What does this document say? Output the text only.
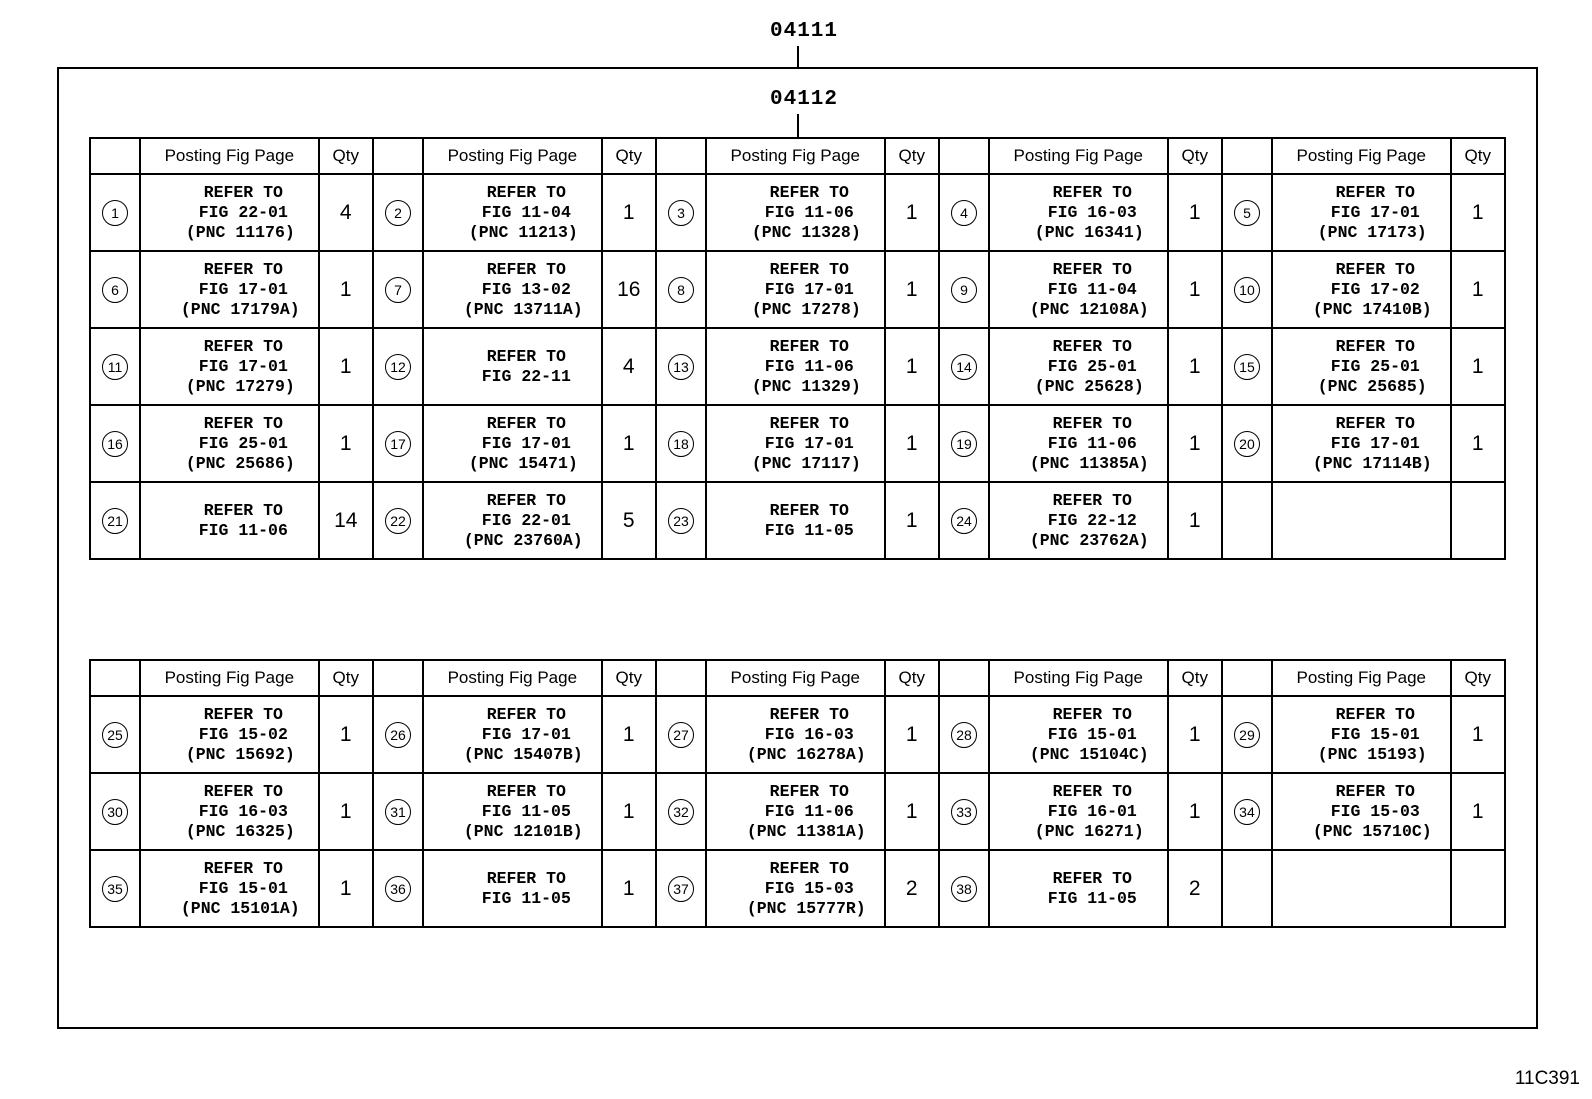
04111
04112
	Posting Fig Page	Qty		Posting Fig Page	Qty		Posting Fig Page	Qty		Posting Fig Page	Qty		Posting Fig Page	Qty
1	REFER TO
FIG 22-01
(PNC 11176)	4	2	REFER TO
FIG 11-04
(PNC 11213)	1	3	REFER TO
FIG 11-06
(PNC 11328)	1	4	REFER TO
FIG 16-03
(PNC 16341)	1	5	REFER TO
FIG 17-01
(PNC 17173)	1
6	REFER TO
FIG 17-01
(PNC 17179A)	1	7	REFER TO
FIG 13-02
(PNC 13711A)	16	8	REFER TO
FIG 17-01
(PNC 17278)	1	9	REFER TO
FIG 11-04
(PNC 12108A)	1	10	REFER TO
FIG 17-02
(PNC 17410B)	1
11	REFER TO
FIG 17-01
(PNC 17279)	1	12	REFER TO
FIG 22-11	4	13	REFER TO
FIG 11-06
(PNC 11329)	1	14	REFER TO
FIG 25-01
(PNC 25628)	1	15	REFER TO
FIG 25-01
(PNC 25685)	1
16	REFER TO
FIG 25-01
(PNC 25686)	1	17	REFER TO
FIG 17-01
(PNC 15471)	1	18	REFER TO
FIG 17-01
(PNC 17117)	1	19	REFER TO
FIG 11-06
(PNC 11385A)	1	20	REFER TO
FIG 17-01
(PNC 17114B)	1
21	REFER TO
FIG 11-06	14	22	REFER TO
FIG 22-01
(PNC 23760A)	5	23	REFER TO
FIG 11-05	1	24	REFER TO
FIG 22-12
(PNC 23762A)	1			
	Posting Fig Page	Qty		Posting Fig Page	Qty		Posting Fig Page	Qty		Posting Fig Page	Qty		Posting Fig Page	Qty
25	REFER TO
FIG 15-02
(PNC 15692)	1	26	REFER TO
FIG 17-01
(PNC 15407B)	1	27	REFER TO
FIG 16-03
(PNC 16278A)	1	28	REFER TO
FIG 15-01
(PNC 15104C)	1	29	REFER TO
FIG 15-01
(PNC 15193)	1
30	REFER TO
FIG 16-03
(PNC 16325)	1	31	REFER TO
FIG 11-05
(PNC 12101B)	1	32	REFER TO
FIG 11-06
(PNC 11381A)	1	33	REFER TO
FIG 16-01
(PNC 16271)	1	34	REFER TO
FIG 15-03
(PNC 15710C)	1
35	REFER TO
FIG 15-01
(PNC 15101A)	1	36	REFER TO
FIG 11-05	1	37	REFER TO
FIG 15-03
(PNC 15777R)	2	38	REFER TO
FIG 11-05	2			
11C391
